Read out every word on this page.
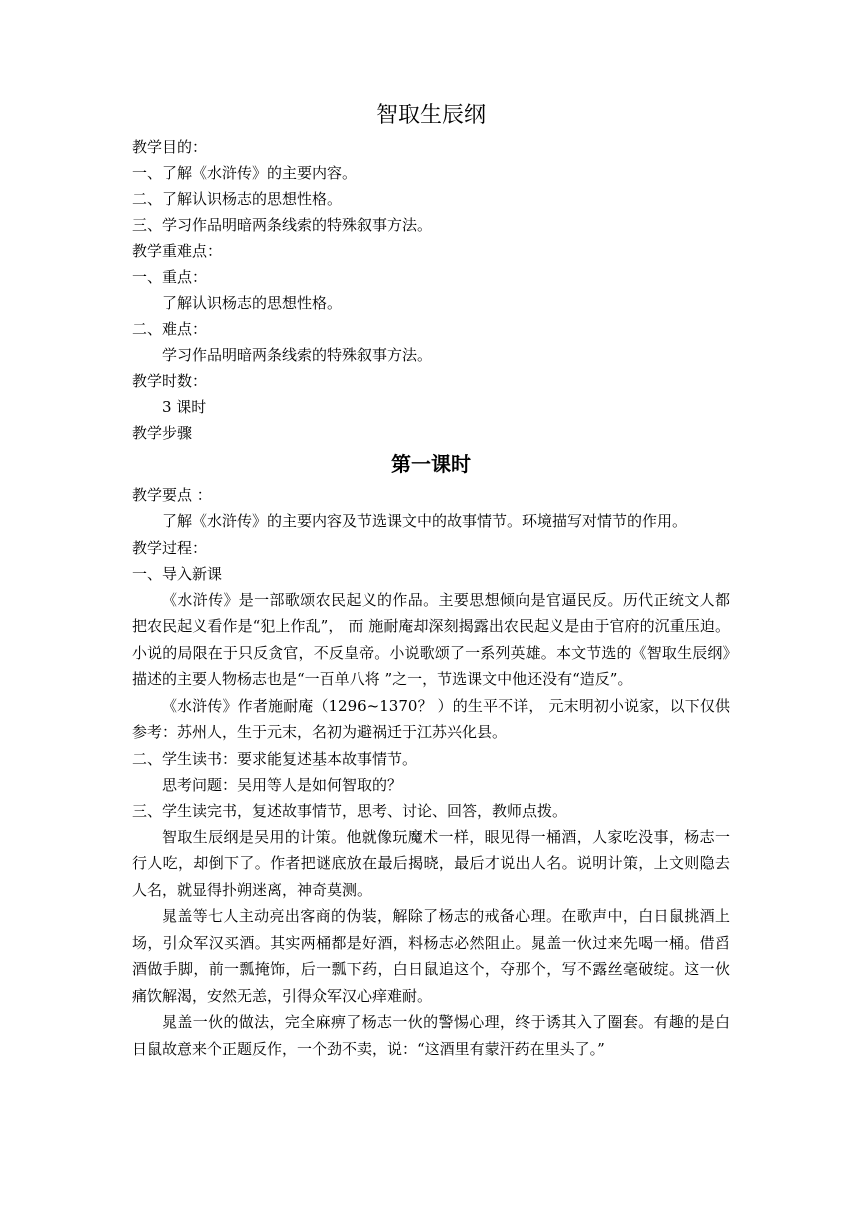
智取生辰纲

教学目的：

一、了解《水浒传》的主要内容。

二、了解认识杨志的思想性格。

三、学习作品明暗两条线索的特殊叙事方法。

教学重难点：

一、重点：

了解认识杨志的思想性格。

二、难点：

学习作品明暗两条线索的特殊叙事方法。

教学时数：

3 课时

教学步骤

第一课时

教学要点 ：

了解《水浒传》的主要内容及节选课文中的故事情节。环境描写对情节的作用。

教学过程：

一、导入新课

《水浒传》是一部歌颂农民起义的作品。主要思想倾向是官逼民反。历代正统文人都把农民起义看作是“犯上作乱”， 而 施耐庵却深刻揭露出农民起义是由于官府的沉重压迫。小说的局限在于只反贪官，不反皇帝。小说歌颂了一系列英雄。本文节选的《智取生辰纲》描述的主要人物杨志也是“一百单八将 ”之一，节选课文中他还没有“造反”。

《水浒传》作者施耐庵（1296~1370？ ）的生平不详， 元末明初小说家，以下仅供参考：苏州人，生于元末，名初为避祸迁于江苏兴化县。

二、学生读书：要求能复述基本故事情节。

思考问题：吴用等人是如何智取的？

三、学生读完书，复述故事情节，思考、讨论、回答，教师点拨。

智取生辰纲是吴用的计策。他就像玩魔术一样，眼见得一桶酒，人家吃没事，杨志一行人吃，却倒下了。作者把谜底放在最后揭晓，最后才说出人名。说明计策，上文则隐去人名，就显得扑朔迷离，神奇莫测。

晁盖等七人主动亮出客商的伪装，解除了杨志的戒备心理。在歌声中，白日鼠挑酒上场，引众军汉买酒。其实两桶都是好酒，料杨志必然阻止。晁盖一伙过来先喝一桶。借舀酒做手脚，前一瓢掩饰，后一瓢下药，白日鼠追这个，夺那个，写不露丝毫破绽。这一伙痛饮解渴，安然无恙，引得众军汉心痒难耐。

晁盖一伙的做法，完全麻痹了杨志一伙的警惕心理，终于诱其入了圈套。有趣的是白日鼠故意来个正题反作，一个劲不卖，说：“这酒里有蒙汗药在里头了。”
